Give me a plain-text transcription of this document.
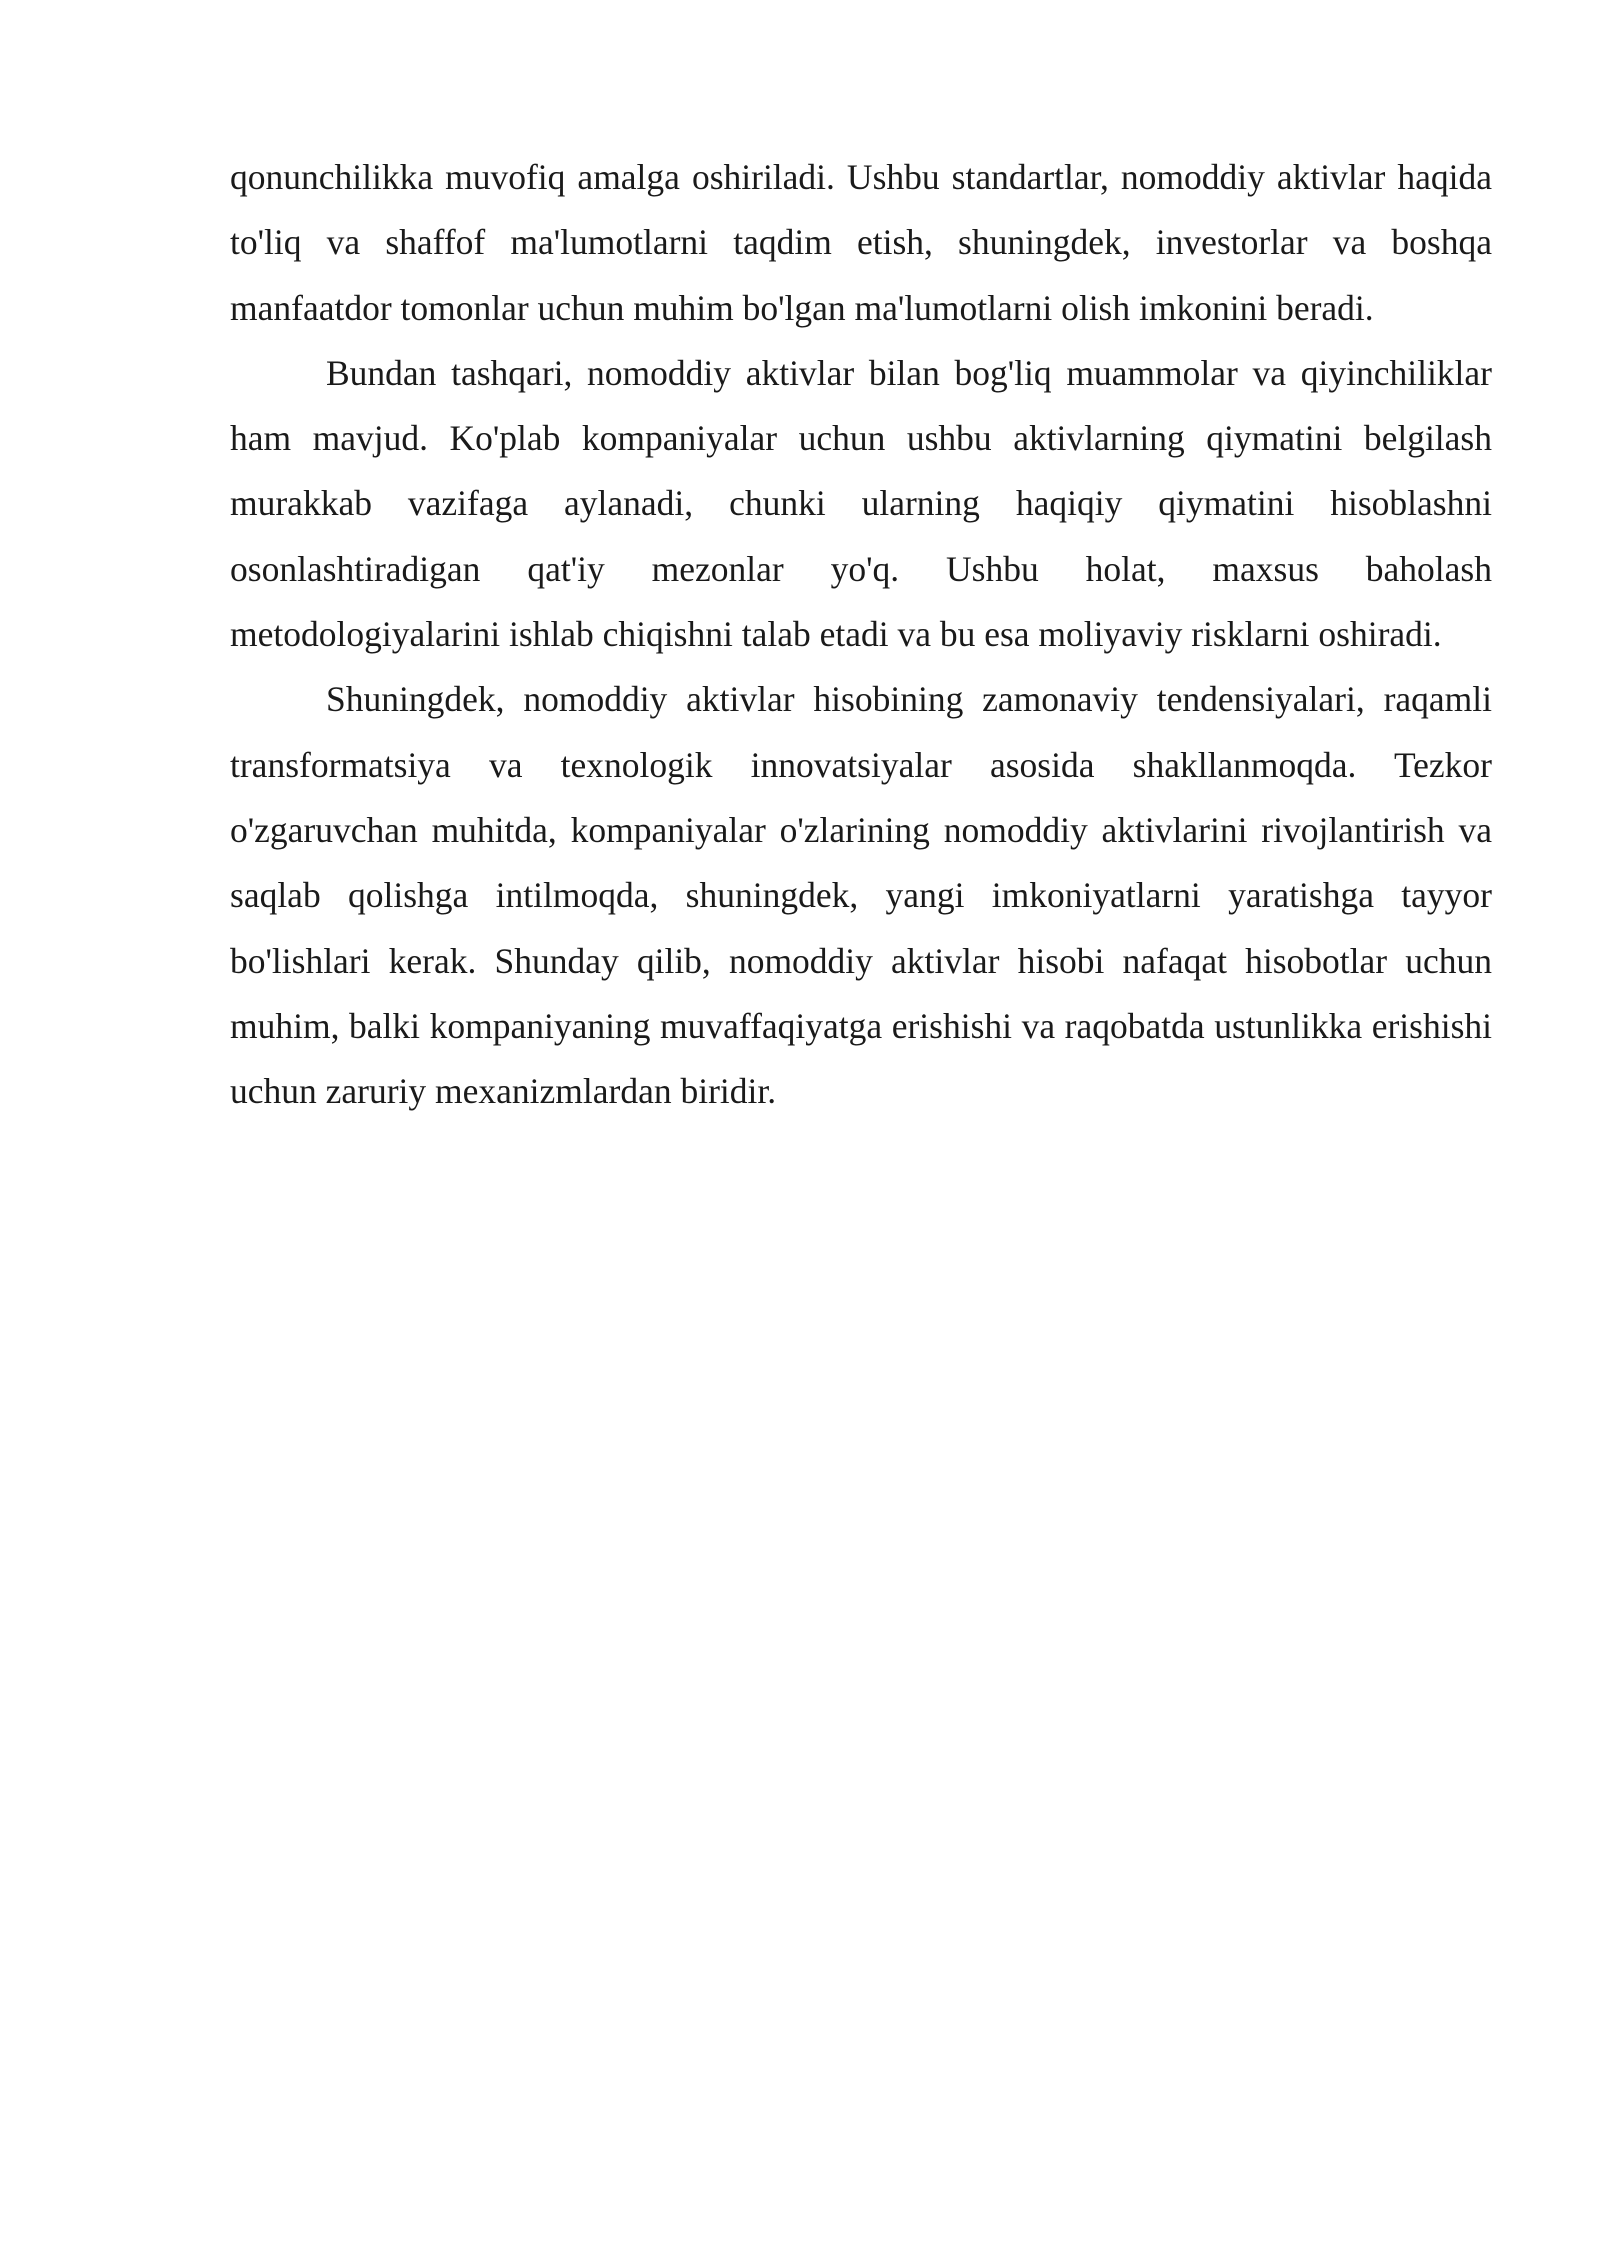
qonunchilikka muvofiq amalga oshiriladi. Ushbu standartlar, nomoddiy aktivlar haqida to'liq va shaffof ma'lumotlarni taqdim etish, shuningdek, investorlar va boshqa manfaatdor tomonlar uchun muhim bo'lgan ma'lumotlarni olish imkonini beradi.

Bundan tashqari, nomoddiy aktivlar bilan bog'liq muammolar va qiyinchiliklar ham mavjud. Ko'plab kompaniyalar uchun ushbu aktivlarning qiymatini belgilash murakkab vazifaga aylanadi, chunki ularning haqiqiy qiymatini hisoblashni osonlashtiradigan qat'iy mezonlar yo'q. Ushbu holat, maxsus baholash metodologiyalarini ishlab chiqishni talab etadi va bu esa moliyaviy risklarni oshiradi.

Shuningdek, nomoddiy aktivlar hisobining zamonaviy tendensiyalari, raqamli transformatsiya va texnologik innovatsiyalar asosida shakllanmoqda. Tezkor o'zgaruvchan muhitda, kompaniyalar o'zlarining nomoddiy aktivlarini rivojlantirish va saqlab qolishga intilmoqda, shuningdek, yangi imkoniyatlarni yaratishga tayyor bo'lishlari kerak. Shunday qilib, nomoddiy aktivlar hisobi nafaqat hisobotlar uchun muhim, balki kompaniyaning muvaffaqiyatga erishishi va raqobatda ustunlikka erishishi uchun zaruriy mexanizmlardan biridir.
